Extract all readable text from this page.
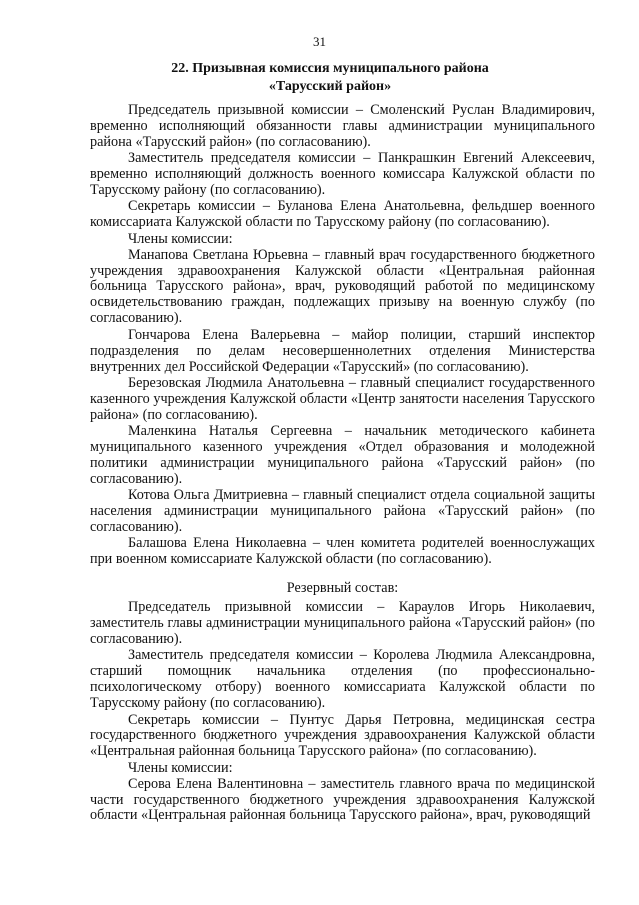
31
22. Призывная комиссия муниципального района
«Тарусский район»

Председатель призывной комиссии – Смоленский Руслан Владимирович, временно исполняющий обязанности главы администрации муниципального района «Тарусский район» (по согласованию).

Заместитель председателя комиссии – Панкрашкин Евгений Алексеевич, временно исполняющий должность военного комиссара Калужской области по Тарусскому району (по согласованию).

Секретарь комиссии – Буланова Елена Анатольевна, фельдшер военного комиссариата Калужской области по Тарусскому району (по согласованию).

Члены комиссии:

Манапова Светлана Юрьевна – главный врач государственного бюджетного учреждения здравоохранения Калужской области «Центральная районная больница Тарусского района», врач, руководящий работой по медицинскому освидетельствованию граждан, подлежащих призыву на военную службу (по согласованию).

Гончарова Елена Валерьевна – майор полиции, старший инспектор подразделения по делам несовершеннолетних отделения Министерства внутренних дел Российской Федерации «Тарусский» (по согласованию).

Березовская Людмила Анатольевна – главный специалист государственного казенного учреждения Калужской области «Центр занятости населения Тарусского района» (по согласованию).

Маленкина Наталья Сергеевна – начальник методического кабинета муниципального казенного учреждения «Отдел образования и молодежной политики администрации муниципального района «Тарусский район» (по согласованию).

Котова Ольга Дмитриевна – главный специалист отдела социальной защиты населения администрации муниципального района «Тарусский район» (по согласованию).

Балашова Елена Николаевна – член комитета родителей военнослужащих при военном комиссариате Калужской области (по согласованию).

Резервный состав:

Председатель призывной комиссии – Караулов Игорь Николаевич, заместитель главы администрации муниципального района «Тарусский район» (по согласованию).

Заместитель председателя комиссии – Королева Людмила Александровна, старший помощник начальника отделения (по профессионально-психологическому отбору) военного комиссариата Калужской области по Тарусскому району (по согласованию).

Секретарь комиссии – Пунтус Дарья Петровна, медицинская сестра государственного бюджетного учреждения здравоохранения Калужской области «Центральная районная больница Тарусского района» (по согласованию).

Члены комиссии:

Серова Елена Валентиновна – заместитель главного врача по медицинской части государственного бюджетного учреждения здравоохранения Калужской области «Центральная районная больница Тарусского района», врач, руководящий
